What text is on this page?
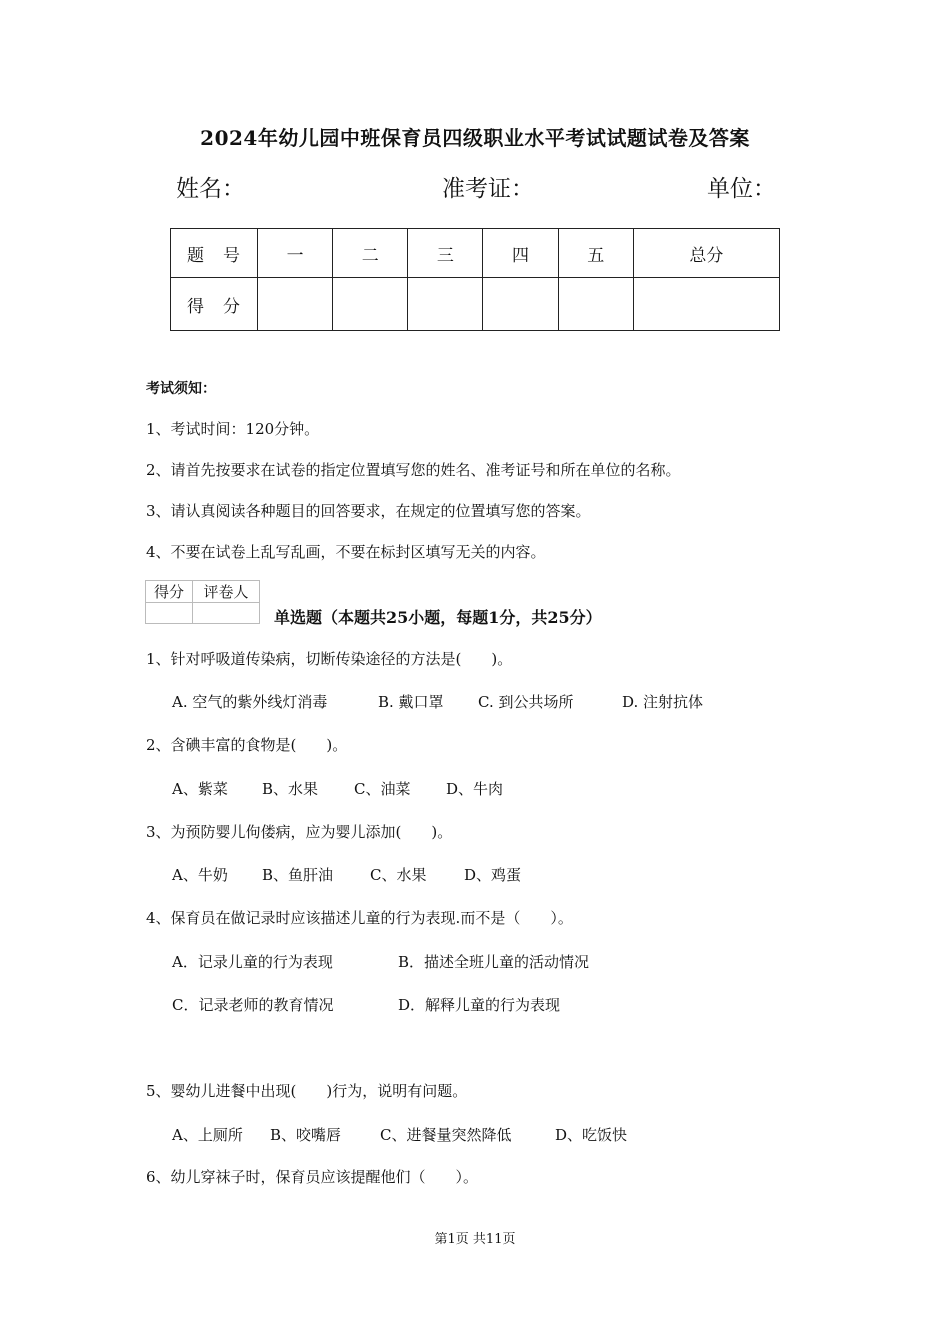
2024年幼儿园中班保育员四级职业水平考试试题试卷及答案
姓名：	准考证：	单位：
题　号	一	二	三	四	五	总分
得　分						
考试须知：
1、考试时间：120分钟。
2、请首先按要求在试卷的指定位置填写您的姓名、准考证号和所在单位的名称。
3、请认真阅读各种题目的回答要求，在规定的位置填写您的答案。
4、不要在试卷上乱写乱画，不要在标封区填写无关的内容。
得分	评卷人

单选题（本题共25小题，每题1分，共25分）
1、针对呼吸道传染病，切断传染途径的方法是(　　)。
A. 空气的紫外线灯消毒	B. 戴口罩 C. 到公共场所	D. 注射抗体
2、含碘丰富的食物是(　　)。
A、紫菜 B、水果 C、油菜 D、牛肉
3、为预防婴儿佝偻病，应为婴儿添加(　　)。
A、牛奶 B、鱼肝油 C、水果	D、鸡蛋
4、保育员在做记录时应该描述儿童的行为表现.而不是（　　）。
A．记录儿童的行为表现	B．描述全班儿童的活动情况
C．记录老师的教育情况	D．解释儿童的行为表现
5、婴幼儿进餐中出现(　　)行为，说明有问题。
A、上厕所 B、咬嘴唇	C、进餐量突然降低	D、吃饭快
6、幼儿穿袜子时，保育员应该提醒他们（　　）。
第1页 共11页
